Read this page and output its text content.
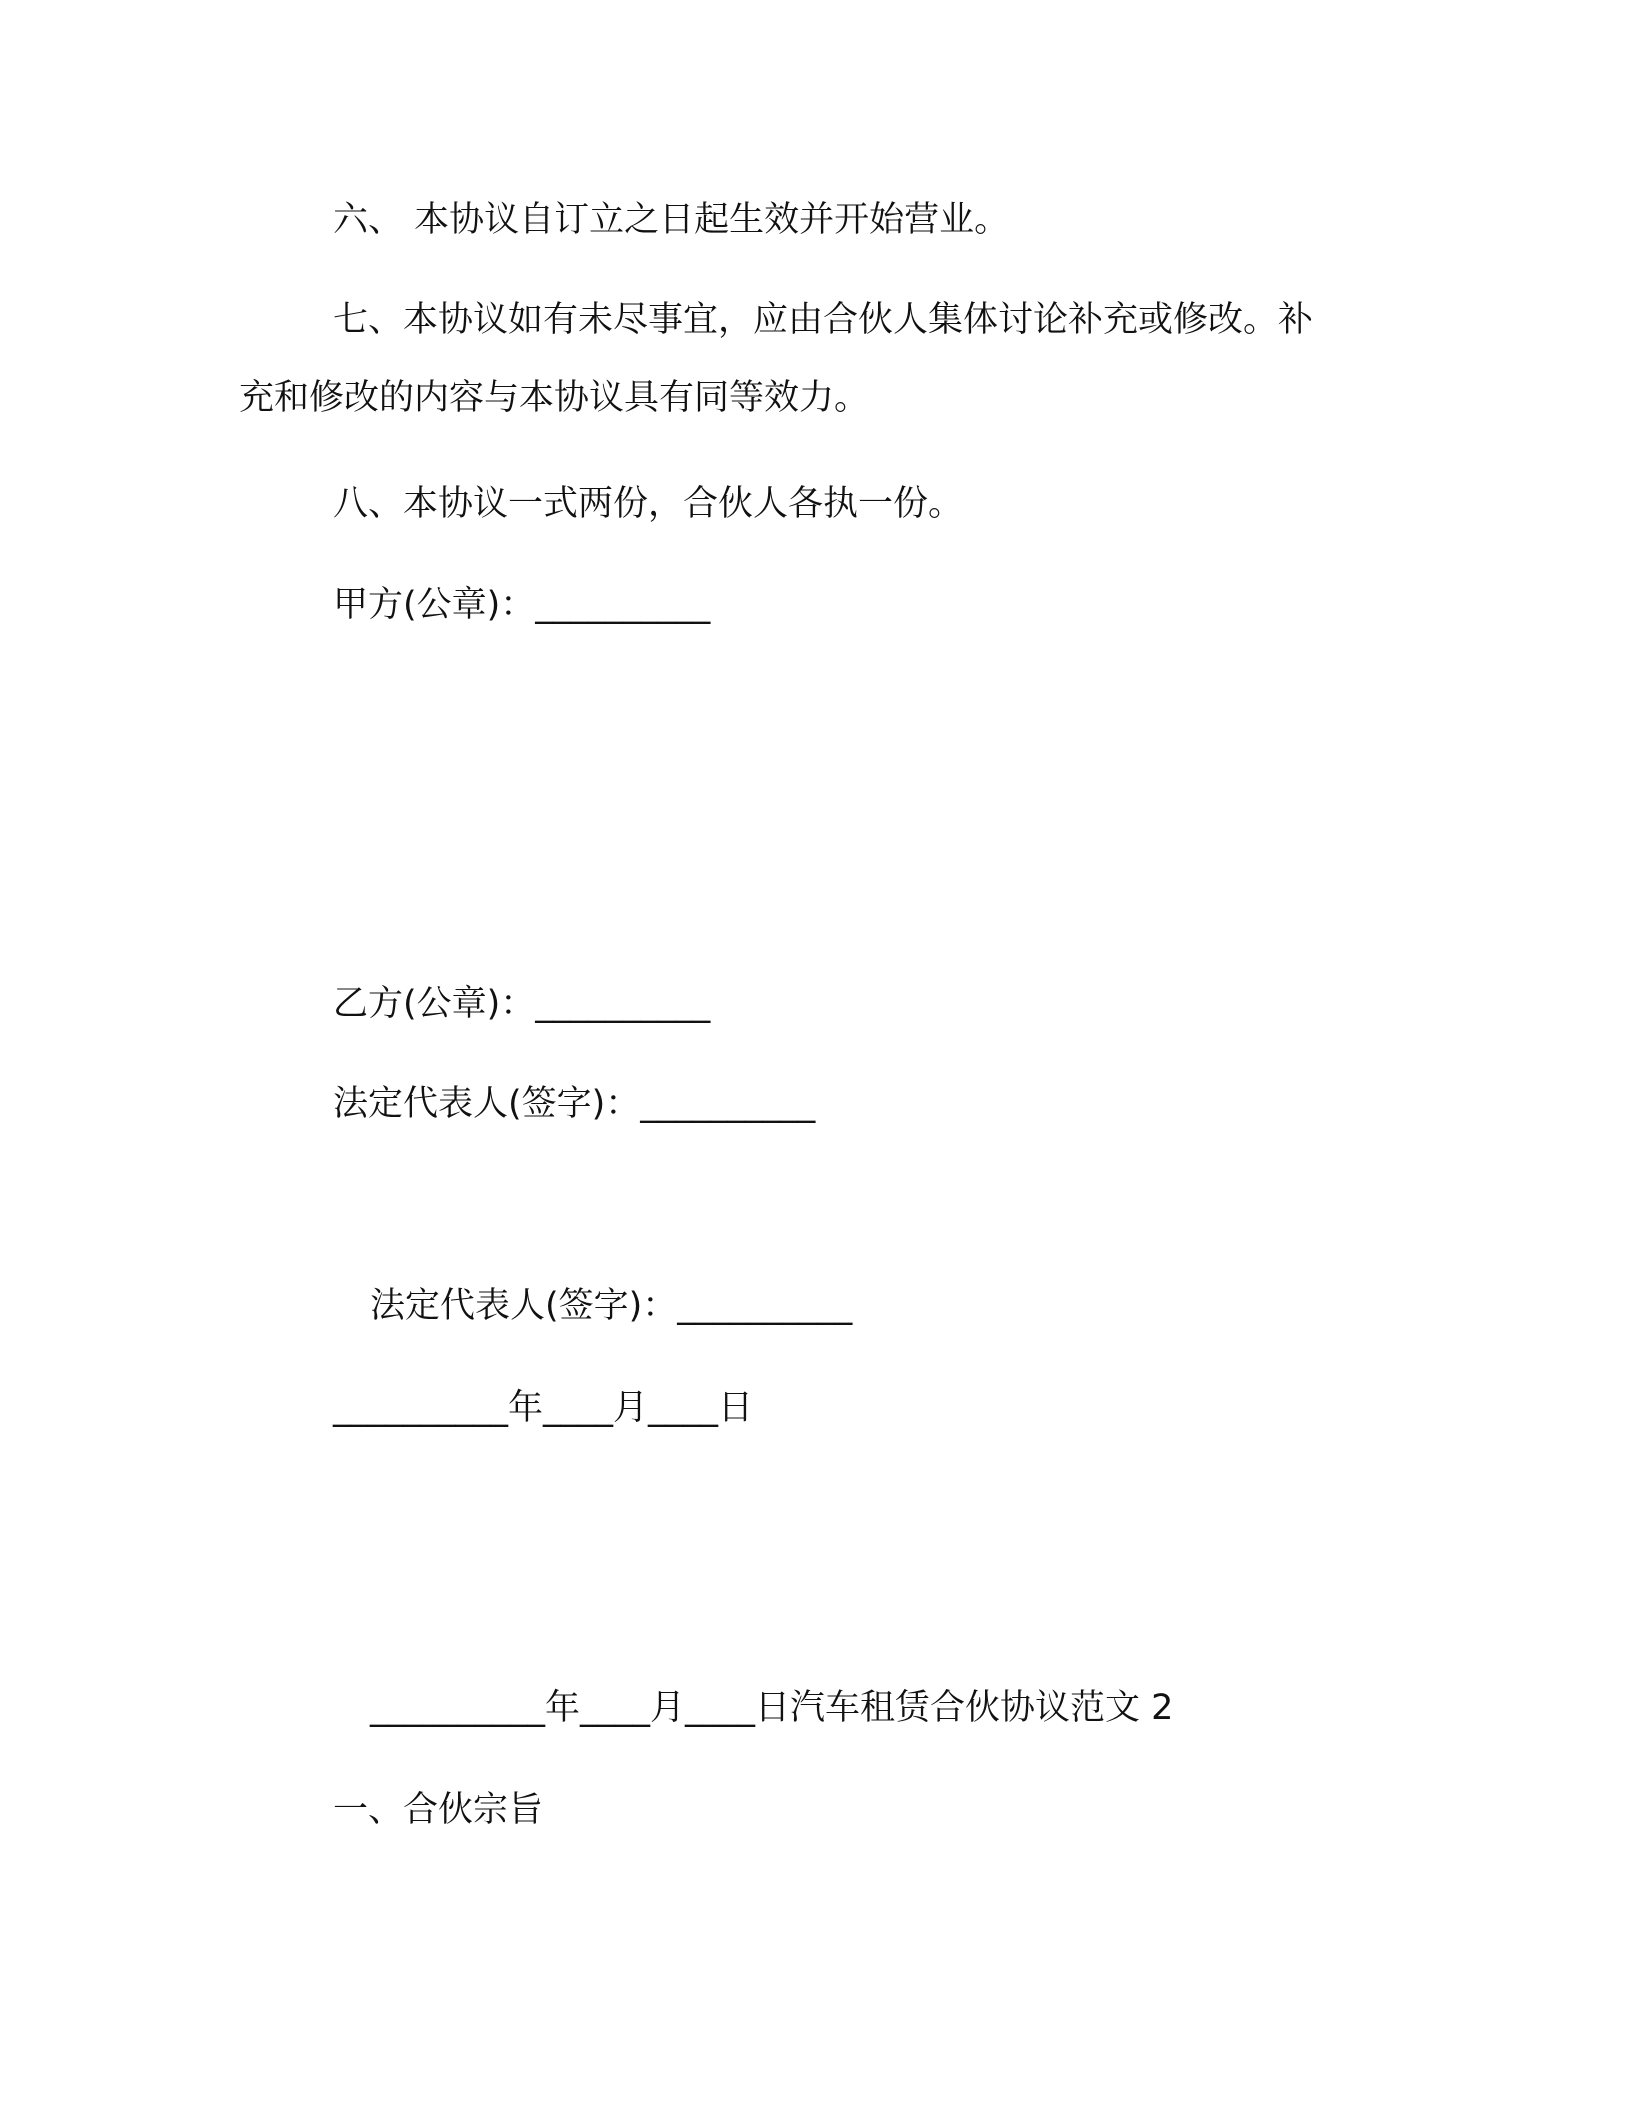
六、 本协议自订立之日起生效并开始营业。

七、本协议如有未尽事宜，应由合伙人集体讨论补充或修改。补

充和修改的内容与本协议具有同等效力。

八、本协议一式两份，合伙人各执一份。

甲方(公章)：__________

乙方(公章)：__________

法定代表人(签字)：__________

法定代表人(签字)：__________

__________年____月____日

__________年____月____日汽车租赁合伙协议范文 2

一、合伙宗旨
